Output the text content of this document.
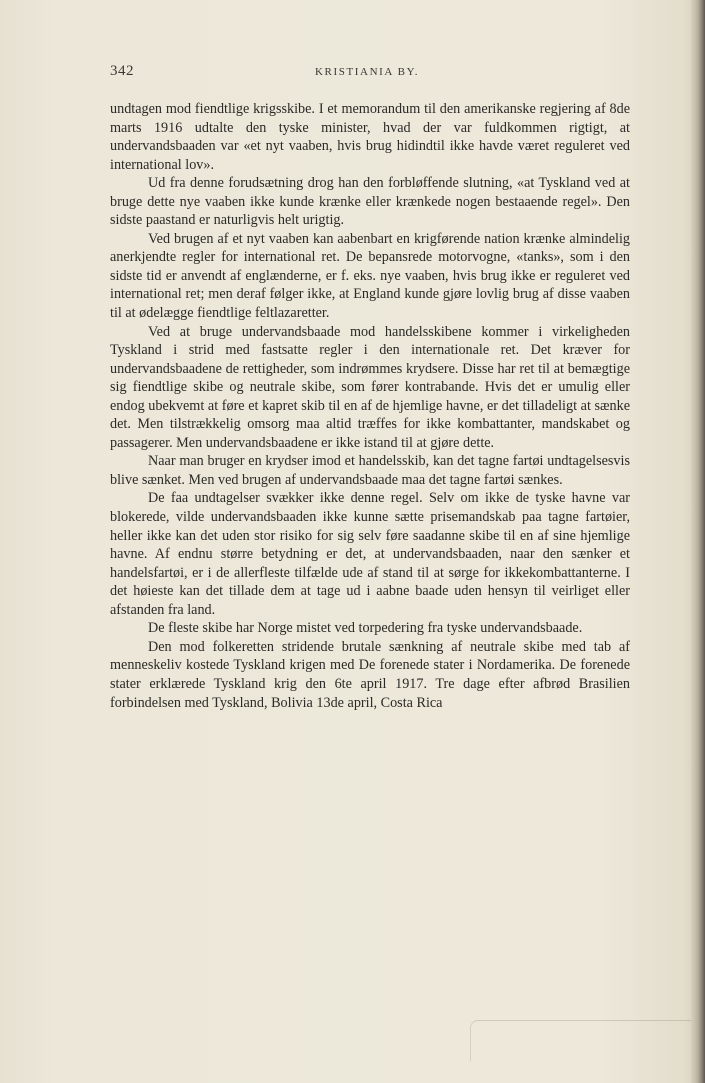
342	KRISTIANIA BY.

undtagen mod fiendtlige krigsskibe. I et memorandum til den amerikanske regjering af 8de marts 1916 udtalte den tyske minister, hvad der var fuldkommen rigtigt, at undervandsbaaden var «et nyt vaaben, hvis brug hidindtil ikke havde været reguleret ved international lov».

Ud fra denne forudsætning drog han den forbløffende slutning, «at Tyskland ved at bruge dette nye vaaben ikke kunde krænke eller krænkede nogen bestaaende regel». Den sidste paastand er naturligvis helt urigtig.

Ved brugen af et nyt vaaben kan aabenbart en krigførende nation krænke almindelig anerkjendte regler for international ret. De bepansrede motorvogne, «tanks», som i den sidste tid er anvendt af englænderne, er f. eks. nye vaaben, hvis brug ikke er reguleret ved international ret; men deraf følger ikke, at England kunde gjøre lovlig brug af disse vaaben til at ødelægge fiendtlige feltlazaretter.

Ved at bruge undervandsbaade mod handelsskibene kommer i virkeligheden Tyskland i strid med fastsatte regler i den internationale ret. Det kræver for undervandsbaadene de rettigheder, som indrømmes krydsere. Disse har ret til at bemægtige sig fiendtlige skibe og neutrale skibe, som fører kontrabande. Hvis det er umulig eller endog ubekvemt at føre et kapret skib til en af de hjemlige havne, er det tilladeligt at sænke det. Men tilstrækkelig omsorg maa altid træffes for ikke kombattanter, mandskabet og passagerer. Men undervandsbaadene er ikke istand til at gjøre dette.

Naar man bruger en krydser imod et handelsskib, kan det tagne fartøi undtagelsesvis blive sænket. Men ved brugen af undervandsbaade maa det tagne fartøi sænkes.

De faa undtagelser svækker ikke denne regel. Selv om ikke de tyske havne var blokerede, vilde undervandsbaaden ikke kunne sætte prisemandskab paa tagne fartøier, heller ikke kan det uden stor risiko for sig selv føre saadanne skibe til en af sine hjemlige havne. Af endnu større betydning er det, at undervandsbaaden, naar den sænker et handelsfartøi, er i de allerfleste tilfælde ude af stand til at sørge for ikkekombattanterne. I det høieste kan det tillade dem at tage ud i aabne baade uden hensyn til veirliget eller afstanden fra land.

De fleste skibe har Norge mistet ved torpedering fra tyske undervandsbaade.

Den mod folkeretten stridende brutale sænkning af neutrale skibe med tab af menneskeliv kostede Tyskland krigen med De forenede stater i Nordamerika. De forenede stater erklærede Tyskland krig den 6te april 1917. Tre dage efter afbrød Brasilien forbindelsen med Tyskland, Bolivia 13de april, Costa Rica
